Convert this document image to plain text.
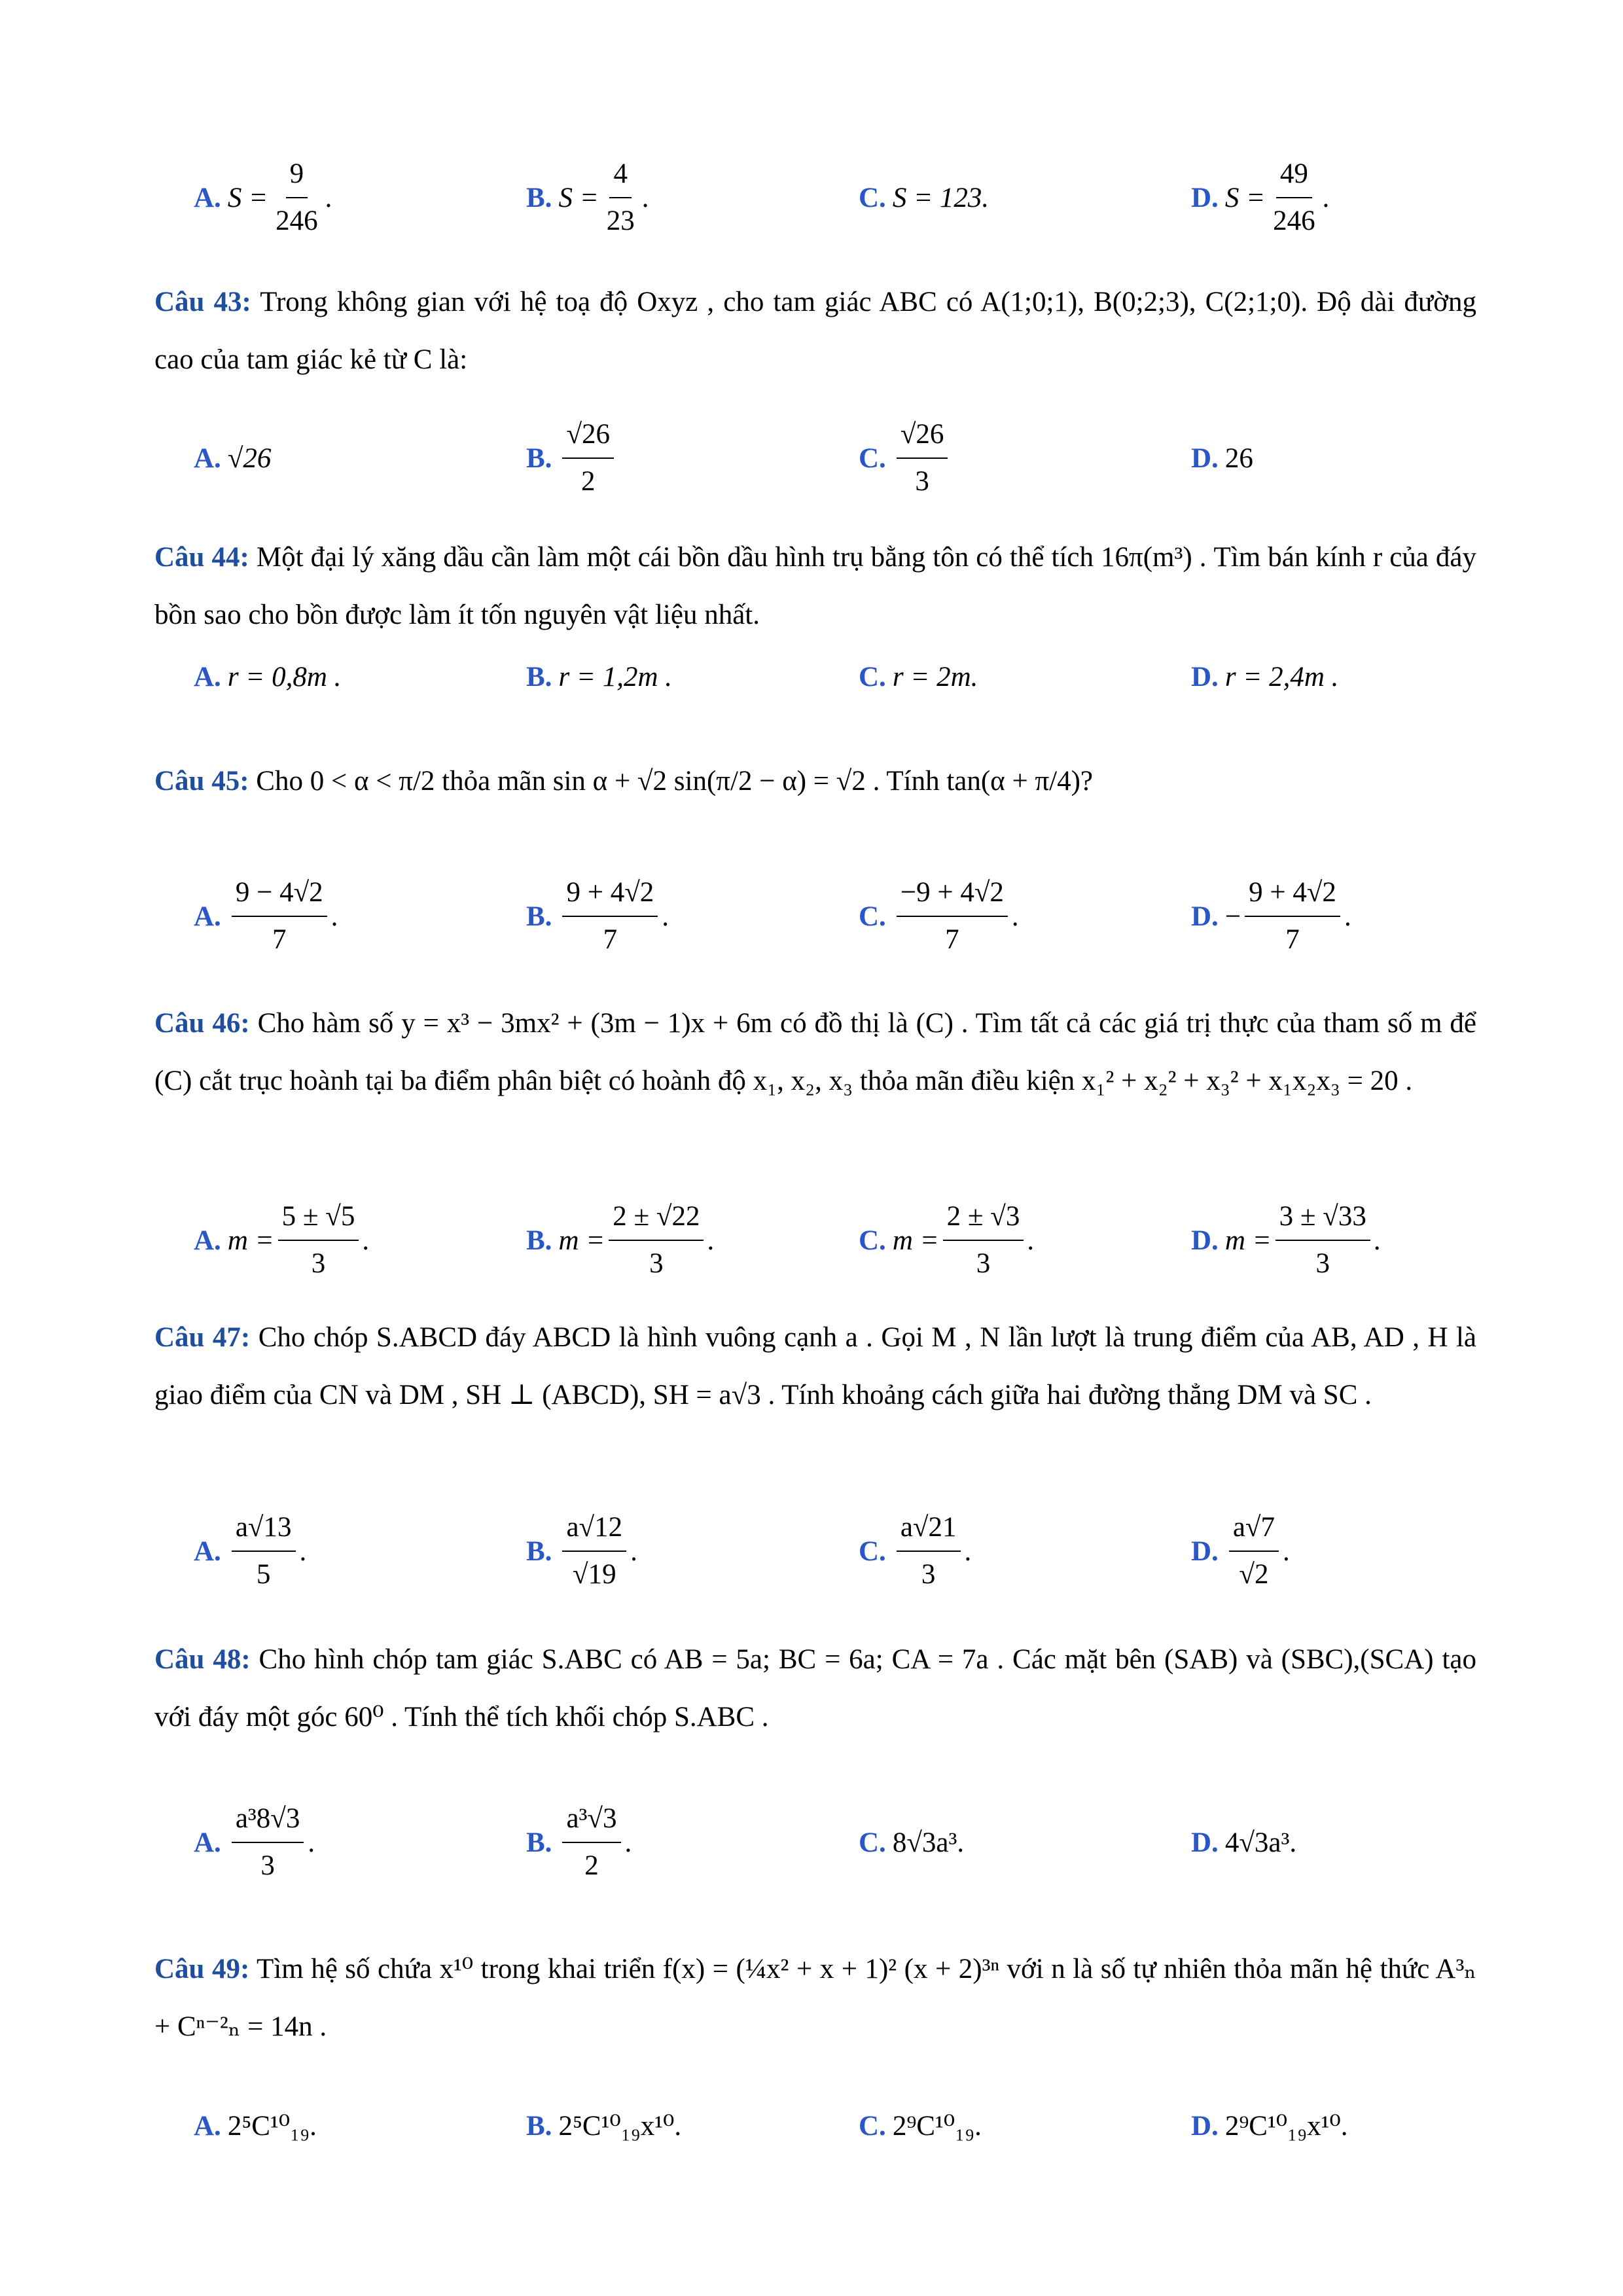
A. $S = \frac{9}{246}$ .	B. $S = \frac{4}{23}$ .	C. S = 123.	D. $S = \frac{49}{246}$ .
Câu 43: Trong không gian với hệ toạ độ Oxyz , cho tam giác ABC có A(1;0;1), B(0;2;3), C(2;1;0). Độ dài đường cao của tam giác kẻ từ C là:
A. √26	B. $\frac{√26}{2}$	C. $\frac{√26}{3}$	D. 26
Câu 44: Một đại lý xăng dầu cần làm một cái bồn dầu hình trụ bằng tôn có thể tích 16π(m³) . Tìm bán kính r của đáy bồn sao cho bồn được làm ít tốn nguyên vật liệu nhất.
A. r = 0,8m .	B. r = 1,2m .	C. r = 2m.	D. r = 2,4m .
Câu 45: Cho 0 < α < π/2 thỏa mãn sin α + √2 sin(π/2 − α) = √2 . Tính tan(α + π/4)?
A. $\frac{9 - 4√2}{7}$ .	B. $\frac{9 + 4√2}{7}$ .	C. $\frac{-9 + 4√2}{7}$ .	D. − $\frac{9 + 4√2}{7}$ .
Câu 46: Cho hàm số y = x³ − 3mx² + (3m − 1)x + 6m có đồ thị là (C) . Tìm tất cả các giá trị thực của tham số m để (C) cắt trục hoành tại ba điểm phân biệt có hoành độ x₁, x₂, x₃ thỏa mãn điều kiện x₁² + x₂² + x₃² + x₁x₂x₃ = 20 .
A. $m = \frac{5 \pm √5}{3}$ .	B. $m = \frac{2 \pm √22}{3}$ .	C. $m = \frac{2 \pm √3}{3}$ .	D. $m = \frac{3 \pm √33}{3}$ .
Câu 47: Cho chóp S.ABCD đáy ABCD là hình vuông cạnh a . Gọi M , N lần lượt là trung điểm của AB, AD , H là giao điểm của CN và DM , SH ⊥ (ABCD), SH = a√3 . Tính khoảng cách giữa hai đường thẳng DM và SC .
A. $\frac{a√13}{5}$ .	B. $\frac{a√12}{√19}$ .	C. $\frac{a√21}{3}$ .	D. $\frac{a√7}{√2}$ .
Câu 48: Cho hình chóp tam giác S.ABC có AB = 5a; BC = 6a; CA = 7a . Các mặt bên (SAB) và (SBC),(SCA) tạo với đáy một góc 60⁰ . Tính thể tích khối chóp S.ABC .
A. $\frac{\text{a³8√3}}{3}$ .	B. $\frac{\text{a³√3}}{2}$ .	C. 8√3a³.	D. 4√3a³.
Câu 49: Tìm hệ số chứa x¹⁰ trong khai triển f(x) = (¼x² + x + 1)² (x + 2)³ⁿ với n là số tự nhiên thỏa mãn hệ thức A³ₙ + Cⁿ⁻²ₙ = 14n .
A. 2⁵C¹⁰₁₉.	B. 2⁵C¹⁰₁₉x¹⁰.	C. 2⁹C¹⁰₁₉.	D. 2⁹C¹⁰₁₉x¹⁰.
